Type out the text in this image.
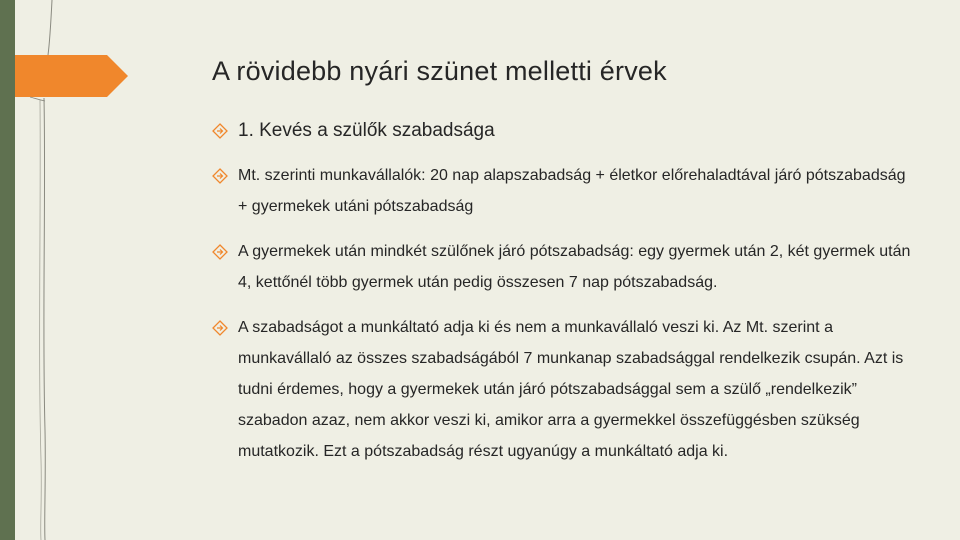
A rövidebb nyári szünet melletti érvek
1. Kevés a szülők szabadsága
Mt. szerinti munkavállalók: 20 nap alapszabadság + életkor előrehaladtával járó pótszabadság + gyermekek utáni pótszabadság
A gyermekek után mindkét szülőnek járó pótszabadság: egy gyermek után 2, két gyermek után 4, kettőnél több gyermek után pedig összesen 7 nap pótszabadság.
A szabadságot a munkáltató adja ki és nem a munkavállaló veszi ki. Az Mt. szerint a munkavállaló az összes szabadságából 7 munkanap szabadsággal rendelkezik csupán. Azt is tudni érdemes, hogy a gyermekek után járó pótszabadsággal sem a szülő „rendelkezik” szabadon azaz, nem akkor veszi ki, amikor arra a gyermekkel összefüggésben szükség mutatkozik. Ezt a pótszabadság részt ugyanúgy a munkáltató adja ki.
